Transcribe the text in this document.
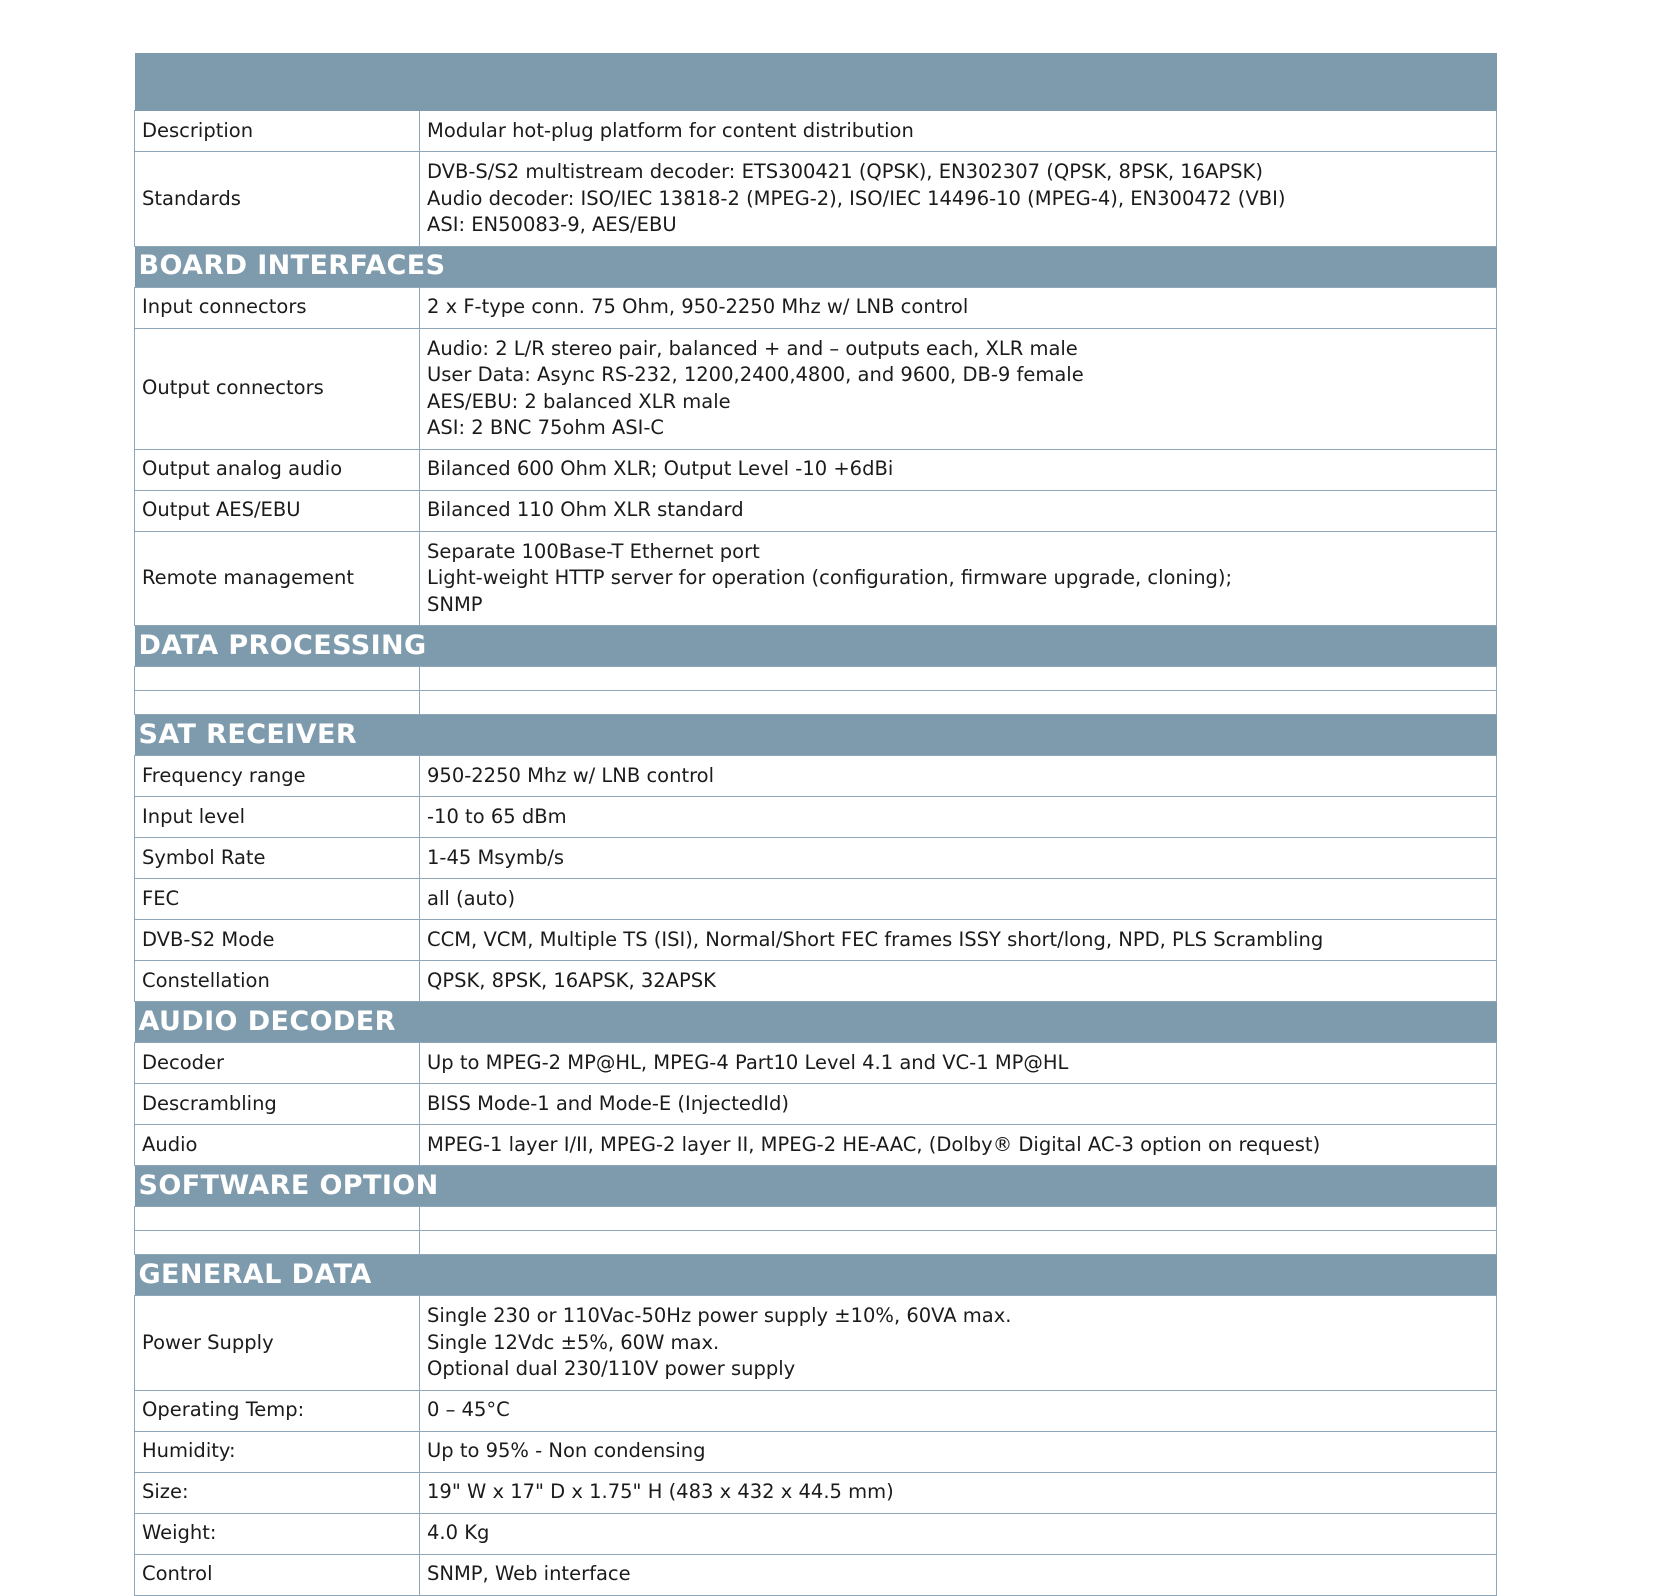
Description	Modular hot-plug platform for content distribution

Standards	DVB-S/S2 multistream decoder: ETS300421 (QPSK), EN302307 (QPSK, 8PSK, 16APSK)
Audio decoder: ISO/IEC 13818-2 (MPEG-2), ISO/IEC 14496-10 (MPEG-4), EN300472 (VBI)
ASI: EN50083-9, AES/EBU

BOARD INTERFACES	
Input connectors	2 x F-type conn. 75 Ohm, 950-2250 Mhz w/ LNB control

Output connectors	Audio: 2 L/R stereo pair, balanced + and – outputs each, XLR male
User Data: Async RS-232, 1200,2400,4800, and 9600, DB-9 female
AES/EBU: 2 balanced XLR male
ASI: 2 BNC 75ohm ASI-C

Output analog audio	Bilanced 600 Ohm XLR; Output Level -10 +6dBi

Output AES/EBU	Bilanced 110 Ohm XLR standard

Remote management	Separate 100Base-T Ethernet port
Light-weight HTTP server for operation (configuration, firmware upgrade, cloning);
SNMP

DATA PROCESSING	

SAT RECEIVER	
Frequency range	950-2250 Mhz w/ LNB control

Input level	-10 to 65 dBm

Symbol Rate	1-45 Msymb/s

FEC	all (auto)

DVB-S2 Mode	CCM, VCM, Multiple TS (ISI), Normal/Short FEC frames ISSY short/long, NPD, PLS Scrambling

Constellation	QPSK, 8PSK, 16APSK, 32APSK

AUDIO DECODER	
Decoder	Up to MPEG-2 MP@HL, MPEG-4 Part10 Level 4.1 and VC-1 MP@HL

Descrambling	BISS Mode-1 and Mode-E (InjectedId)

Audio	MPEG-1 layer I/II, MPEG-2 layer II, MPEG-2 HE-AAC, (Dolby® Digital AC-3 option on request)

SOFTWARE OPTION	

GENERAL DATA	
Power Supply	Single 230 or 110Vac-50Hz power supply ±10%, 60VA max.
Single 12Vdc ±5%, 60W max.
Optional dual 230/110V power supply

Operating Temp:	0 – 45°C

Humidity:	Up to 95% - Non condensing

Size:	19" W x 17" D x 1.75" H (483 x 432 x 44.5 mm)

Weight:	4.0 Kg

Control	SNMP, Web interface
